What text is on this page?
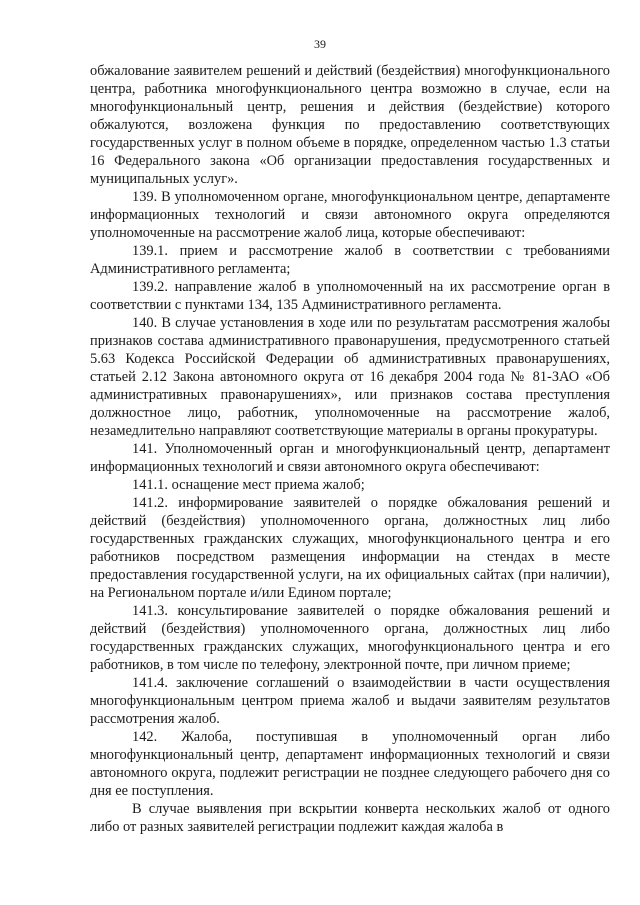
39

обжалование заявителем решений и действий (бездействия) многофункционального центра, работника многофункционального центра возможно в случае, если на многофункциональный центр, решения и действия (бездействие) которого обжалуются, возложена функция по предоставлению соответствующих государственных услуг в полном объеме в порядке, определенном частью 1.3 статьи 16 Федерального закона «Об организации предоставления государственных и муниципальных услуг».

139. В уполномоченном органе, многофункциональном центре, департаменте информационных технологий и связи автономного округа определяются уполномоченные на рассмотрение жалоб лица, которые обеспечивают:

139.1. прием и рассмотрение жалоб в соответствии с требованиями Административного регламента;

139.2. направление жалоб в уполномоченный на их рассмотрение орган в соответствии с пунктами 134, 135 Административного регламента.

140. В случае установления в ходе или по результатам рассмотрения жалобы признаков состава административного правонарушения, предусмотренного статьей 5.63 Кодекса Российской Федерации об административных правонарушениях, статьей 2.12 Закона автономного округа от 16 декабря 2004 года № 81-ЗАО «Об административных правонарушениях», или признаков состава преступления должностное лицо, работник, уполномоченные на рассмотрение жалоб, незамедлительно направляют соответствующие материалы в органы прокуратуры.

141. Уполномоченный орган и многофункциональный центр, департамент информационных технологий и связи автономного округа обеспечивают:

141.1. оснащение мест приема жалоб;

141.2. информирование заявителей о порядке обжалования решений и действий (бездействия) уполномоченного органа, должностных лиц либо государственных гражданских служащих, многофункционального центра и его работников посредством размещения информации на стендах в месте предоставления государственной услуги, на их официальных сайтах (при наличии), на Региональном портале и/или Едином портале;

141.3. консультирование заявителей о порядке обжалования решений и действий (бездействия) уполномоченного органа, должностных лиц либо государственных гражданских служащих, многофункционального центра и его работников, в том числе по телефону, электронной почте, при личном приеме;

141.4. заключение соглашений о взаимодействии в части осуществления многофункциональным центром приема жалоб и выдачи заявителям результатов рассмотрения жалоб.

142. Жалоба, поступившая в уполномоченный орган либо многофункциональный центр, департамент информационных технологий и связи автономного округа, подлежит регистрации не позднее следующего рабочего дня со дня ее поступления.

В случае выявления при вскрытии конверта нескольких жалоб от одного либо от разных заявителей регистрации подлежит каждая жалоба в
